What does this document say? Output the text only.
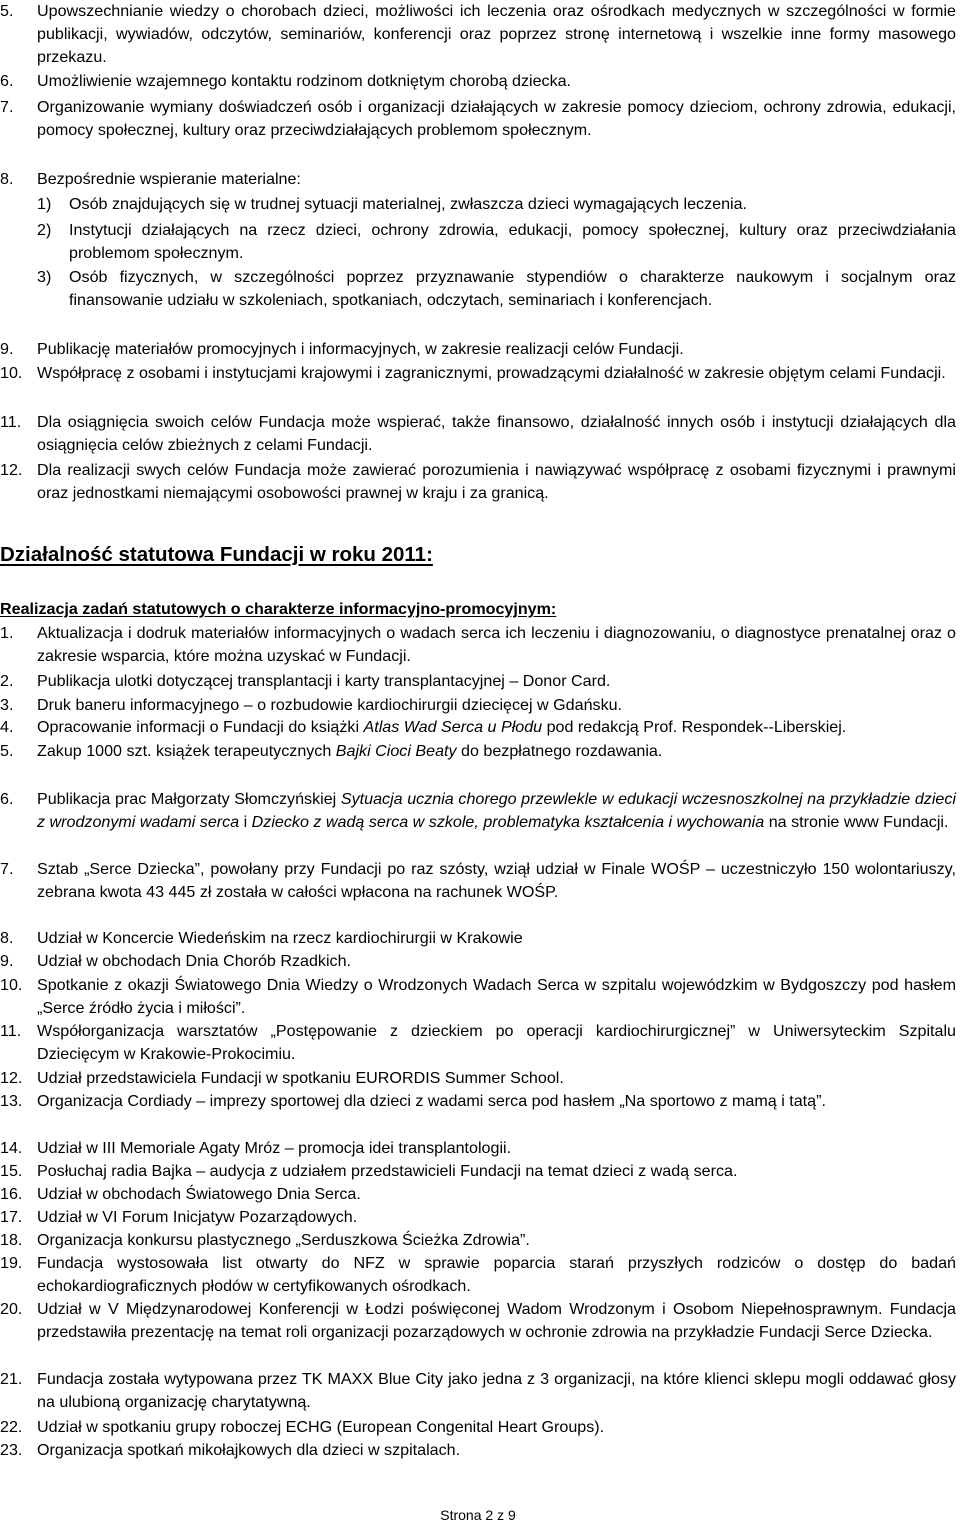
5.	Upowszechnianie wiedzy o chorobach dzieci, możliwości ich leczenia oraz ośrodkach medycznych w szczególności w formie publikacji, wywiadów, odczytów, seminariów, konferencji oraz poprzez stronę internetową i wszelkie inne formy masowego przekazu.
6.	Umożliwienie wzajemnego kontaktu rodzinom dotkniętym chorobą dziecka.
7.	Organizowanie wymiany doświadczeń osób i organizacji działających w zakresie pomocy dzieciom, ochrony zdrowia, edukacji, pomocy społecznej, kultury oraz przeciwdziałających problemom społecznym.
8.	Bezpośrednie wspieranie materialne:
1)	Osób znajdujących się w trudnej sytuacji materialnej, zwłaszcza dzieci wymagających leczenia.
2)	Instytucji działających na rzecz dzieci, ochrony zdrowia, edukacji, pomocy społecznej, kultury oraz przeciwdziałania problemom społecznym.
3)	Osób fizycznych, w szczególności poprzez przyznawanie stypendiów o charakterze naukowym i socjalnym oraz finansowanie udziału w szkoleniach, spotkaniach, odczytach, seminariach i konferencjach.
9.	Publikację materiałów promocyjnych i informacyjnych, w zakresie realizacji celów Fundacji.
10. Współpracę z osobami i instytucjami krajowymi i zagranicznymi, prowadzącymi działalność w zakresie objętym celami Fundacji.
11. Dla osiągnięcia swoich celów Fundacja może wspierać, także finansowo, działalność innych osób i instytucji działających dla osiągnięcia celów zbieżnych z celami Fundacji.
12. Dla realizacji swych celów Fundacja może zawierać porozumienia i nawiązywać współpracę z osobami fizycznymi i prawnymi oraz jednostkami niemającymi osobowości prawnej w kraju i za granicą.
Działalność statutowa Fundacji w roku 2011:
Realizacja zadań statutowych o charakterze informacyjno-promocyjnym:
1.	Aktualizacja i dodruk materiałów informacyjnych o wadach serca ich leczeniu i diagnozowaniu, o diagnostyce prenatalnej oraz o zakresie wsparcia, które można uzyskać w Fundacji.
2.	Publikacja ulotki dotyczącej transplantacji i karty transplantacyjnej – Donor Card.
3.	Druk baneru informacyjnego – o rozbudowie kardiochirurgii dziecięcej w Gdańsku.
4.	Opracowanie informacji o Fundacji do książki Atlas Wad Serca u Płodu pod redakcją Prof. Respondek--Liberskiej.
5.	Zakup 1000 szt. książek terapeutycznych Bajki Cioci Beaty do bezpłatnego rozdawania.
6.	Publikacja prac Małgorzaty Słomczyńskiej Sytuacja ucznia chorego przewlekle w edukacji wczesnoszkolnej na przykładzie dzieci z wrodzonymi wadami serca i Dziecko z wadą serca w szkole, problematyka kształcenia i wychowania na stronie www Fundacji.
7.	Sztab „Serce Dziecka”, powołany przy Fundacji po raz szósty, wziął udział w Finale WOŚP – uczestniczyło 150 wolontariuszy, zebrana kwota 43 445 zł została w całości wpłacona na rachunek WOŚP.
8.	Udział w Koncercie Wiedeńskim na rzecz kardiochirurgii w Krakowie
9.	Udział w obchodach Dnia Chorób Rzadkich.
10. Spotkanie z okazji Światowego Dnia Wiedzy o Wrodzonych Wadach Serca w szpitalu wojewódzkim w Bydgoszczy pod hasłem „Serce źródło życia i miłości”.
11. Współorganizacja warsztatów „Postępowanie z dzieckiem po operacji kardiochirurgicznej” w Uniwersyteckim Szpitalu Dziecięcym w Krakowie-Prokocimiu.
12. Udział przedstawiciela Fundacji w spotkaniu EURORDIS Summer School.
13. Organizacja Cordiady – imprezy sportowej dla dzieci z wadami serca pod hasłem „Na sportowo z mamą i tatą”.
14. Udział w III Memoriale Agaty Mróz – promocja idei transplantologii.
15. Posłuchaj radia Bajka – audycja z udziałem przedstawicieli Fundacji na temat dzieci z wadą serca.
16. Udział w obchodach Światowego Dnia Serca.
17. Udział w VI Forum Inicjatyw Pozarządowych.
18. Organizacja konkursu plastycznego „Serduszkowa Ścieżka Zdrowia”.
19. Fundacja wystosowała list otwarty do NFZ w sprawie poparcia starań przyszłych rodziców o dostęp do badań echokardiograficznych płodów w certyfikowanych ośrodkach.
20. Udział w V Międzynarodowej Konferencji w Łodzi poświęconej Wadom Wrodzonym i Osobom Niepełnosprawnym. Fundacja przedstawiła prezentację na temat roli organizacji pozarządowych w ochronie zdrowia na przykładzie Fundacji Serce Dziecka.
21. Fundacja została wytypowana przez TK MAXX Blue City jako jedna z 3 organizacji, na które klienci sklepu mogli oddawać głosy na ulubioną organizację charytatywną.
22. Udział w spotkaniu grupy roboczej ECHG (European Congenital Heart Groups).
23. Organizacja spotkań mikołajkowych dla dzieci w szpitalach.
Strona 2 z 9
